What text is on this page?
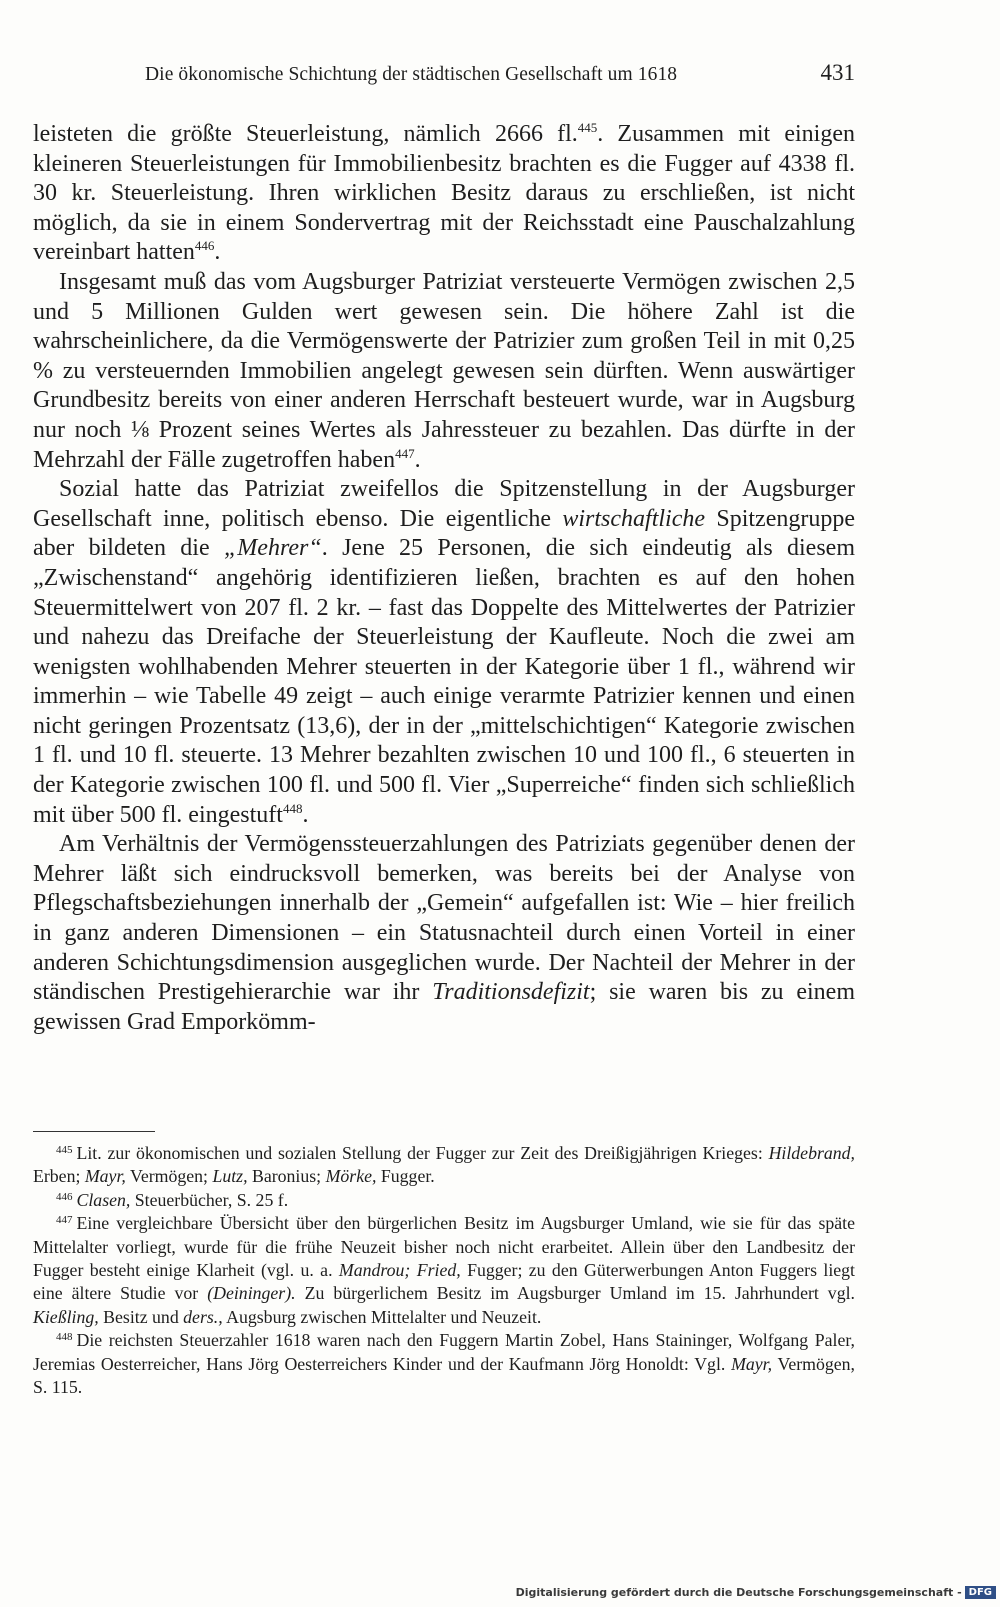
Die ökonomische Schichtung der städtischen Gesellschaft um 1618	431

leisteten die größte Steuerleistung, nämlich 2666 fl.$^{445}$. Zusammen mit einigen kleineren Steuerleistungen für Immobilienbesitz brachten es die Fugger auf 4338 fl. 30 kr. Steuerleistung. Ihren wirklichen Besitz daraus zu erschließen, ist nicht möglich, da sie in einem Sondervertrag mit der Reichsstadt eine Pauschalzahlung vereinbart hatten$^{446}$.

Insgesamt muß das vom Augsburger Patriziat versteuerte Vermögen zwischen 2,5 und 5 Millionen Gulden wert gewesen sein. Die höhere Zahl ist die wahrscheinlichere, da die Vermögenswerte der Patrizier zum großen Teil in mit 0,25 % zu versteuernden Immobilien angelegt gewesen sein dürften. Wenn auswärtiger Grundbesitz bereits von einer anderen Herrschaft besteuert wurde, war in Augsburg nur noch ⅛ Prozent seines Wertes als Jahressteuer zu bezahlen. Das dürfte in der Mehrzahl der Fälle zugetroffen haben$^{447}$.

Sozial hatte das Patriziat zweifellos die Spitzenstellung in der Augsburger Gesellschaft inne, politisch ebenso. Die eigentliche wirtschaftliche Spitzengruppe aber bildeten die „Mehrer“. Jene 25 Personen, die sich eindeutig als diesem „Zwischenstand“ angehörig identifizieren ließen, brachten es auf den hohen Steuermittelwert von 207 fl. 2 kr. – fast das Doppelte des Mittelwertes der Patrizier und nahezu das Dreifache der Steuerleistung der Kaufleute. Noch die zwei am wenigsten wohlhabenden Mehrer steuerten in der Kategorie über 1 fl., während wir immerhin – wie Tabelle 49 zeigt – auch einige verarmte Patrizier kennen und einen nicht geringen Prozentsatz (13,6), der in der „mittelschichtigen“ Kategorie zwischen 1 fl. und 10 fl. steuerte. 13 Mehrer bezahlten zwischen 10 und 100 fl., 6 steuerten in der Kategorie zwischen 100 fl. und 500 fl. Vier „Superreiche“ finden sich schließlich mit über 500 fl. eingestuft$^{448}$.

Am Verhältnis der Vermögenssteuerzahlungen des Patriziats gegenüber denen der Mehrer läßt sich eindrucksvoll bemerken, was bereits bei der Analyse von Pflegschaftsbeziehungen innerhalb der „Gemein“ aufgefallen ist: Wie – hier freilich in ganz anderen Dimensionen – ein Statusnachteil durch einen Vorteil in einer anderen Schichtungsdimension ausgeglichen wurde. Der Nachteil der Mehrer in der ständischen Prestigehierarchie war ihr Traditionsdefizit; sie waren bis zu einem gewissen Grad Emporkömm-

$^{445}$ Lit. zur ökonomischen und sozialen Stellung der Fugger zur Zeit des Dreißigjährigen Krieges: Hildebrand, Erben; Mayr, Vermögen; Lutz, Baronius; Mörke, Fugger.

$^{446}$ Clasen, Steuerbücher, S. 25 f.

$^{447}$ Eine vergleichbare Übersicht über den bürgerlichen Besitz im Augsburger Umland, wie sie für das späte Mittelalter vorliegt, wurde für die frühe Neuzeit bisher noch nicht erarbeitet. Allein über den Landbesitz der Fugger besteht einige Klarheit (vgl. u. a. Mandrou; Fried, Fugger; zu den Güterwerbungen Anton Fuggers liegt eine ältere Studie vor (Deininger). Zu bürgerlichem Besitz im Augsburger Umland im 15. Jahrhundert vgl. Kießling, Besitz und ders., Augsburg zwischen Mittelalter und Neuzeit.

$^{448}$ Die reichsten Steuerzahler 1618 waren nach den Fuggern Martin Zobel, Hans Staininger, Wolfgang Paler, Jeremias Oesterreicher, Hans Jörg Oesterreichers Kinder und der Kaufmann Jörg Honoldt: Vgl. Mayr, Vermögen, S. 115.

Digitalisierung gefördert durch die Deutsche Forschungsgemeinschaft - DFG
